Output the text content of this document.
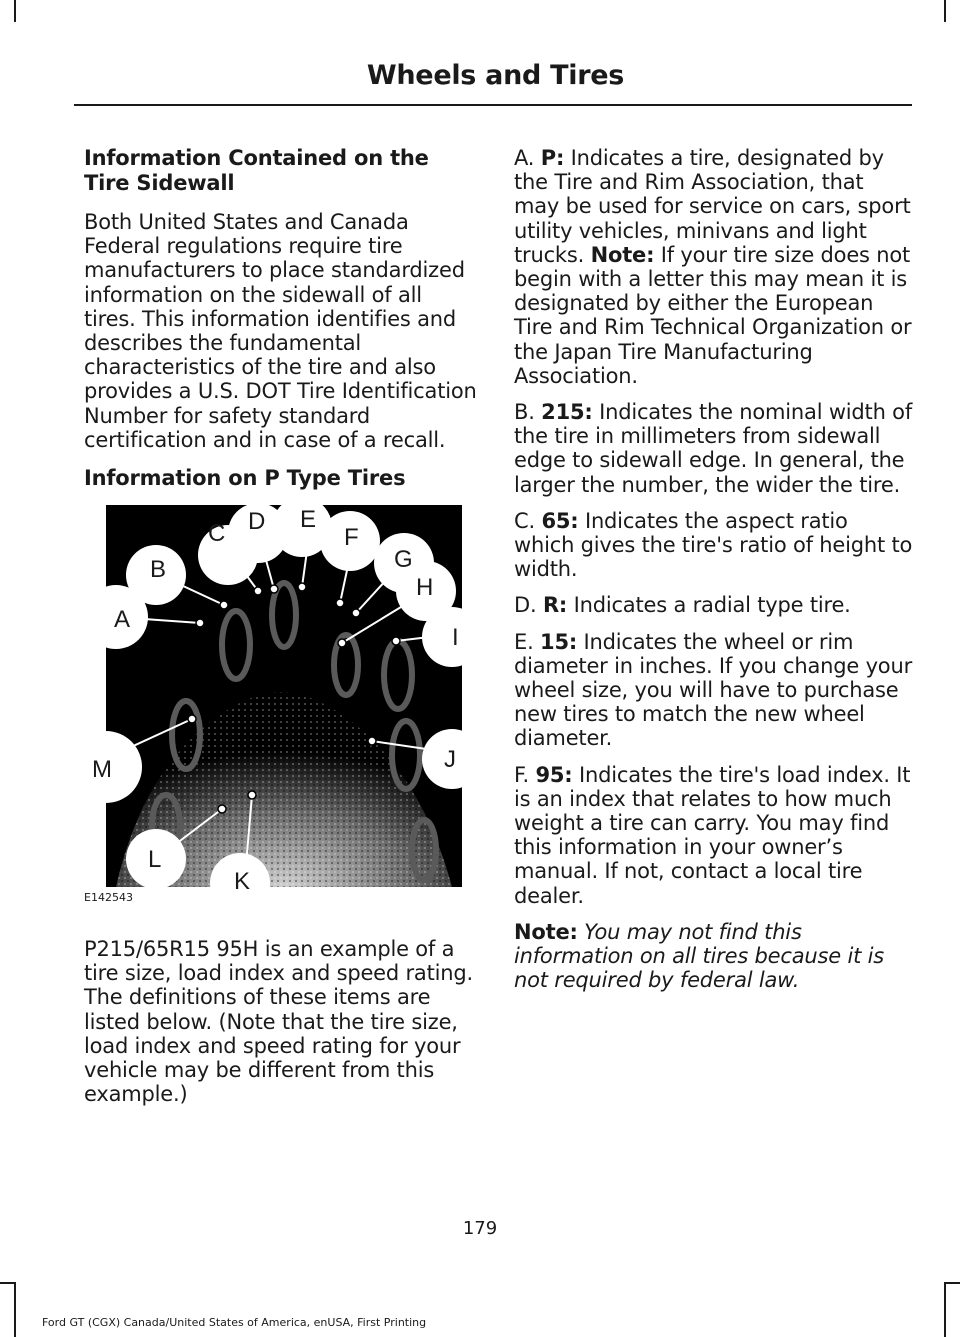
Wheels and Tires
Information Contained on the Tire Sidewall

Both United States and Canada Federal regulations require tire manufacturers to place standardized information on the sidewall of all tires. This information identifies and describes the fundamental characteristics of the tire and also provides a U.S. DOT Tire Identification Number for safety standard certification and in case of a recall.

Information on P Type Tires
A
B
C D E
F
G
H
I
J
K
L
M
E142543

P215/65R15 95H is an example of a tire size, load index and speed rating. The definitions of these items are listed below. (Note that the tire size, load index and speed rating for your vehicle may be different from this example.)

A. P: Indicates a tire, designated by the Tire and Rim Association, that may be used for service on cars, sport utility vehicles, minivans and light trucks. Note: If your tire size does not begin with a letter this may mean it is designated by either the European Tire and Rim Technical Organization or the Japan Tire Manufacturing Association.

B. 215: Indicates the nominal width of the tire in millimeters from sidewall edge to sidewall edge. In general, the larger the number, the wider the tire.

C. 65: Indicates the aspect ratio which gives the tire's ratio of height to width.

D. R: Indicates a radial type tire.

E. 15: Indicates the wheel or rim diameter in inches. If you change your wheel size, you will have to purchase new tires to match the new wheel diameter.

F. 95: Indicates the tire's load index. It is an index that relates to how much weight a tire can carry. You may find this information in your owner’s manual. If not, contact a local tire dealer.

Note: You may not find this information on all tires because it is not required by federal law.

179
Ford GT (CGX) Canada/United States of America, enUSA, First Printing
